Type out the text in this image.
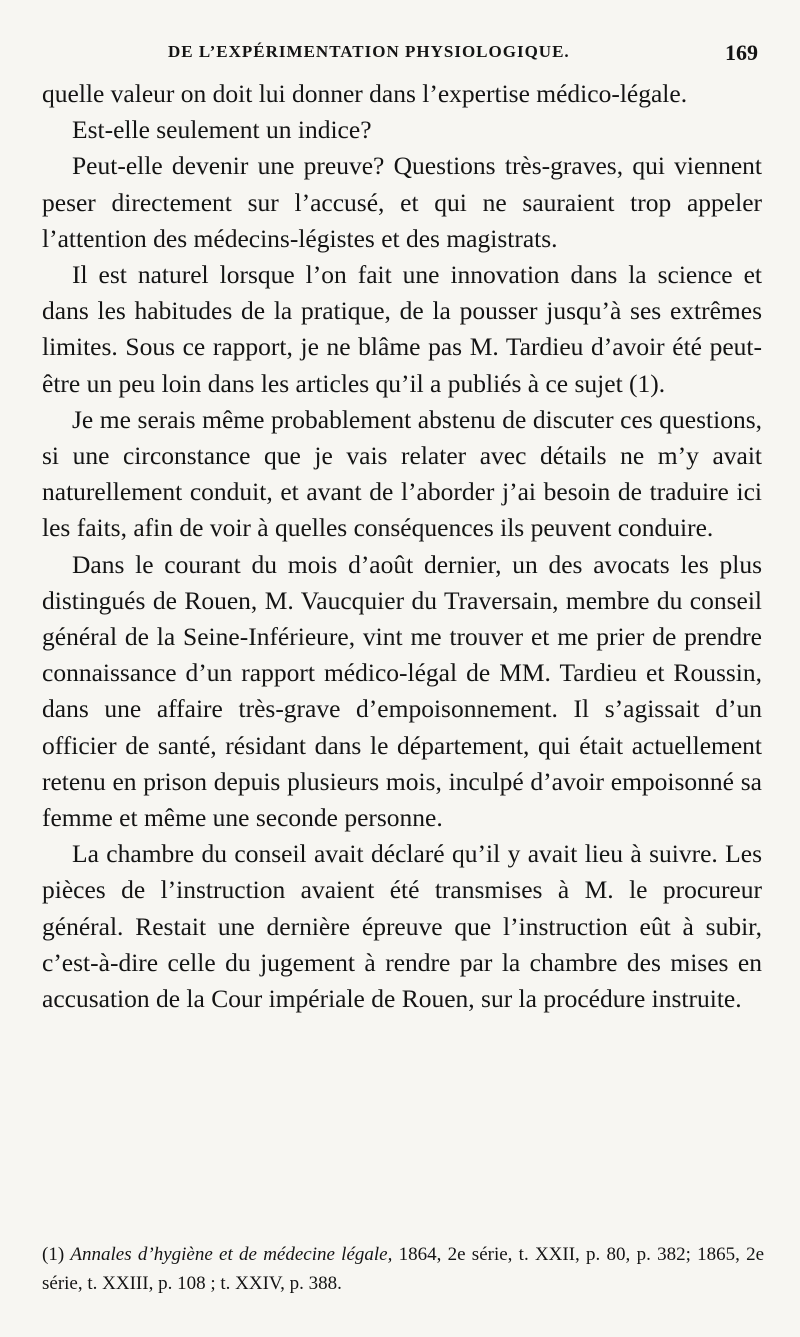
DE L’EXPÉRIMENTATION PHYSIOLOGIQUE.	169

quelle valeur on doit lui donner dans l’expertise médico-légale.

Est-elle seulement un indice?

Peut-elle devenir une preuve? Questions très-graves, qui viennent peser directement sur l’accusé, et qui ne sauraient trop appeler l’attention des médecins-légistes et des magistrats.

Il est naturel lorsque l’on fait une innovation dans la science et dans les habitudes de la pratique, de la pousser jusqu’à ses extrêmes limites. Sous ce rapport, je ne blâme pas M. Tardieu d’avoir été peut-être un peu loin dans les articles qu’il a publiés à ce sujet (1).

Je me serais même probablement abstenu de discuter ces questions, si une circonstance que je vais relater avec détails ne m’y avait naturellement conduit, et avant de l’aborder j’ai besoin de traduire ici les faits, afin de voir à quelles conséquences ils peuvent conduire.

Dans le courant du mois d’août dernier, un des avocats les plus distingués de Rouen, M. Vaucquier du Traversain, membre du conseil général de la Seine-Inférieure, vint me trouver et me prier de prendre connaissance d’un rapport médico-légal de MM. Tardieu et Roussin, dans une affaire très-grave d’empoisonnement. Il s’agissait d’un officier de santé, résidant dans le département, qui était actuellement retenu en prison depuis plusieurs mois, inculpé d’avoir empoisonné sa femme et même une seconde personne.

La chambre du conseil avait déclaré qu’il y avait lieu à suivre. Les pièces de l’instruction avaient été transmises à M. le procureur général. Restait une dernière épreuve que l’instruction eût à subir, c’est-à-dire celle du jugement à rendre par la chambre des mises en accusation de la Cour impériale de Rouen, sur la procédure instruite.

(1) Annales d’hygiène et de médecine légale, 1864, 2e série, t. XXII, p. 80, p. 382; 1865, 2e série, t. XXIII, p. 108 ; t. XXIV, p. 388.
